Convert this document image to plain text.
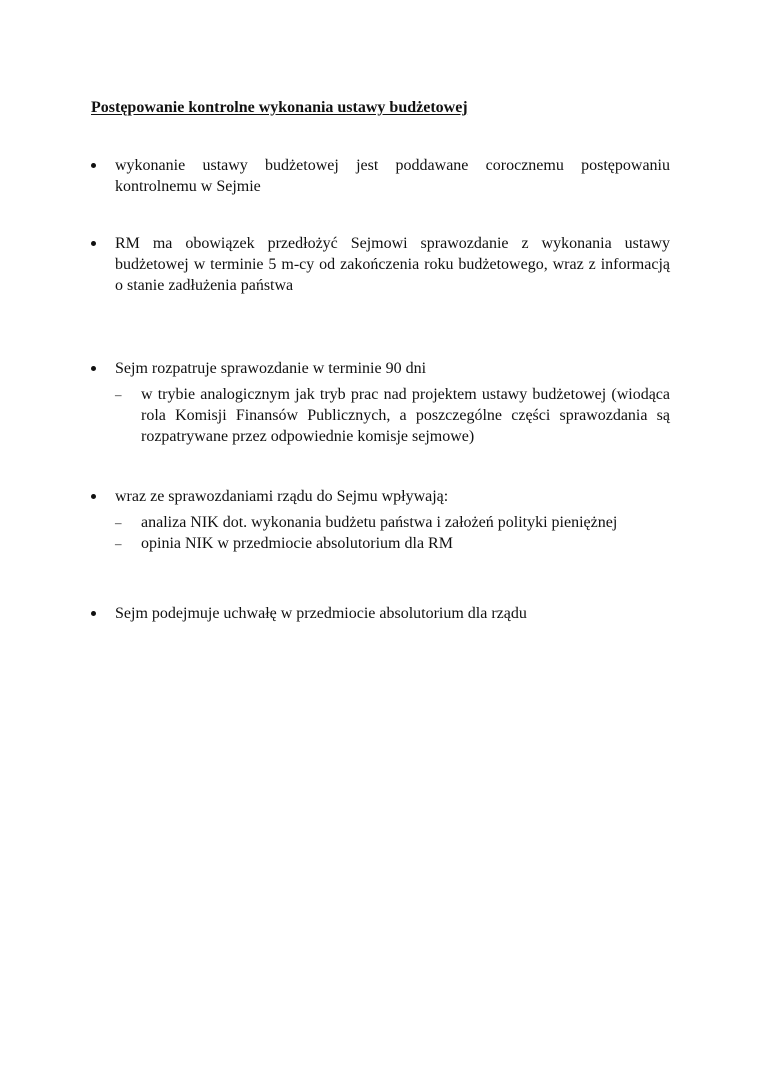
Postępowanie kontrolne wykonania ustawy budżetowej
wykonanie ustawy budżetowej jest poddawane corocznemu postępowaniu kontrolnemu w Sejmie
RM ma obowiązek przedłożyć Sejmowi sprawozdanie z wykonania ustawy budżetowej w terminie 5 m-cy od zakończenia roku budżetowego, wraz z informacją o stanie zadłużenia państwa
Sejm rozpatruje sprawozdanie w terminie 90 dni
–	w trybie analogicznym jak tryb prac nad projektem ustawy budżetowej (wiodąca rola Komisji Finansów Publicznych, a poszczególne części sprawozdania są rozpatrywane przez odpowiednie komisje sejmowe)
wraz ze sprawozdaniami rządu do Sejmu wpływają:
–	analiza NIK dot. wykonania budżetu państwa i założeń polityki pieniężnej
–	opinia NIK w przedmiocie absolutorium dla RM
Sejm podejmuje uchwałę w przedmiocie absolutorium dla rządu
